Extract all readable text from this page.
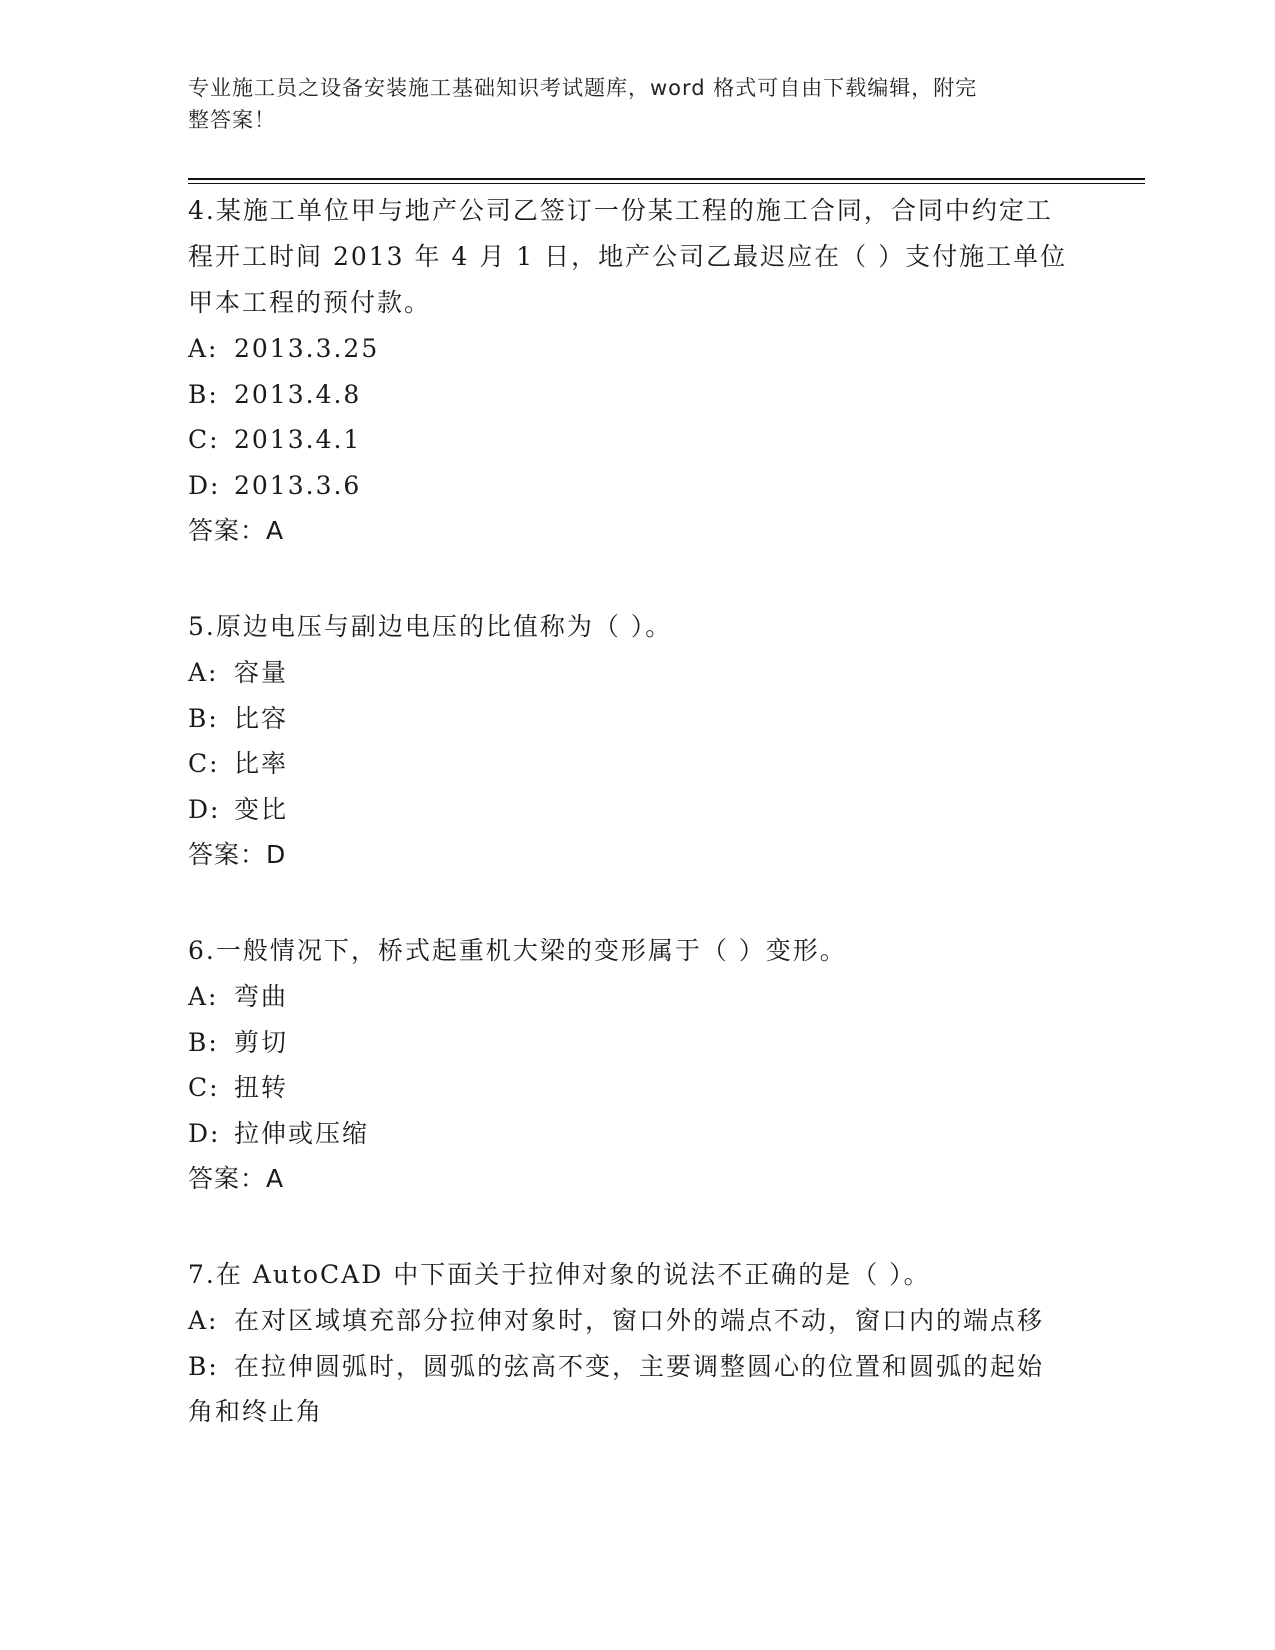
专业施工员之设备安装施工基础知识考试题库，word 格式可自由下载编辑，附完
整答案！

4.某施工单位甲与地产公司乙签订一份某工程的施工合同，合同中约定工程开工时间 2013 年 4 月 1 日，地产公司乙最迟应在（ ）支付施工单位甲本工程的预付款。

A: 2013.3.25

B: 2013.4.8

C: 2013.4.1

D: 2013.3.6

答案：A

5.原边电压与副边电压的比值称为（ ）。

A: 容量

B: 比容

C: 比率

D: 变比

答案：D

6.一般情况下，桥式起重机大梁的变形属于（ ）变形。

A: 弯曲

B: 剪切

C: 扭转

D: 拉伸或压缩

答案：A

7.在 AutoCAD 中下面关于拉伸对象的说法不正确的是（ ）。

A: 在对区域填充部分拉伸对象时，窗口外的端点不动，窗口内的端点移

B: 在拉伸圆弧时，圆弧的弦高不变，主要调整圆心的位置和圆弧的起始角和终止角
